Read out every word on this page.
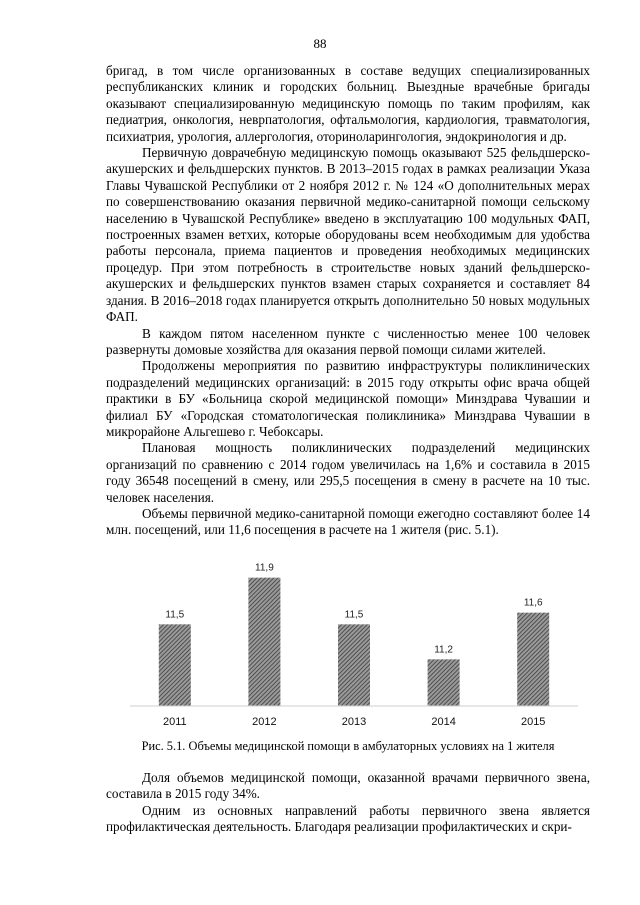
88

бригад, в том числе организованных в составе ведущих специализированных республиканских клиник и городских больниц. Выездные врачебные бригады оказывают специализированную медицинскую помощь по таким профилям, как педиатрия, онкология, неврпатология, офтальмология, кардиология, травматология, психиатрия, урология, аллергология, оториноларингология, эндокринология и др.

Первичную доврачебную медицинскую помощь оказывают 525 фельдшерско-акушерских и фельдшерских пунктов. В 2013–2015 годах в рамках реализации Указа Главы Чувашской Республики от 2 ноября 2012 г. № 124 «О дополнительных мерах по совершенствованию оказания первичной медико-санитарной помощи сельскому населению в Чувашской Республике» введено в эксплуатацию 100 модульных ФАП, построенных взамен ветхих, которые оборудованы всем необходимым для удобства работы персонала, приема пациентов и проведения необходимых медицинских процедур. При этом потребность в строительстве новых зданий фельдшерско-акушерских и фельдшерских пунктов взамен старых сохраняется и составляет 84 здания. В 2016–2018 годах планируется открыть дополнительно 50 новых модульных ФАП.

В каждом пятом населенном пункте с численностью менее 100 человек развернуты домовые хозяйства для оказания первой помощи силами жителей.

Продолжены мероприятия по развитию инфраструктуры поликлинических подразделений медицинских организаций: в 2015 году открыты офис врача общей практики в БУ «Больница скорой медицинской помощи» Минздрава Чувашии и филиал БУ «Городская стоматологическая поликлиника» Минздрава Чувашии в микрорайоне Альгешево г. Чебоксары.

Плановая мощность поликлинических подразделений медицинских организаций по сравнению с 2014 годом увеличилась на 1,6% и составила в 2015 году 36548 посещений в смену, или 295,5 посещения в смену в расчете на 10 тыс. человек населения.

Объемы первичной медико-санитарной помощи ежегодно составляют более 14 млн. посещений, или 11,6 посещения в расчете на 1 жителя (рис. 5.1).

11,5
2011
11,9
2012
11,5
2013
11,2
2014
11,6
2015
Рис. 5.1. Объемы медицинской помощи в амбулаторных условиях на 1 жителя

Доля объемов медицинской помощи, оказанной врачами первичного звена, составила в 2015 году 34%.

Одним из основных направлений работы первичного звена является профилактическая деятельность. Благодаря реализации профилактических и скри-
